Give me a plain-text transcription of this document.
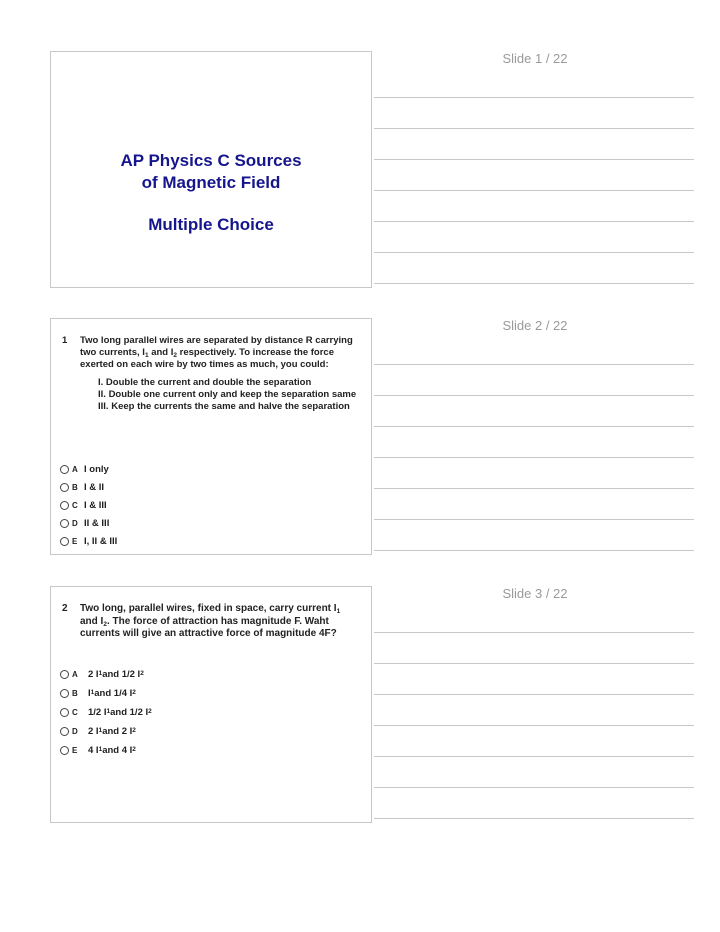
Slide 1 / 22
AP Physics C Sources
of Magnetic Field
Multiple Choice
Slide 2 / 22
1 Two long parallel wires are separated by distance R carrying two currents, $I_1$ and $I_2$ respectively. To increase the force exerted on each wire by two times as much, you could:
I. Double the current and double the separation
II. Double one current only and keep the separation same
III. Keep the currents the same and halve the separation
A I only
B I & II
C I & III
D II & III
E I, II & III
Slide 3 / 22
2 Two long, parallel wires, fixed in space, carry current $I_1$ and $I_2$. The force of attraction has magnitude F. Waht currents will give an attractive force of magnitude 4F?
A	2 I 1 and 1/2 I 2
B	I 1 and 1/4 I 2
C	1/2 I 1 and 1/2 I 2
D	2 I 1 and 2 I 2
E	4 I 1 and 4 I 2
